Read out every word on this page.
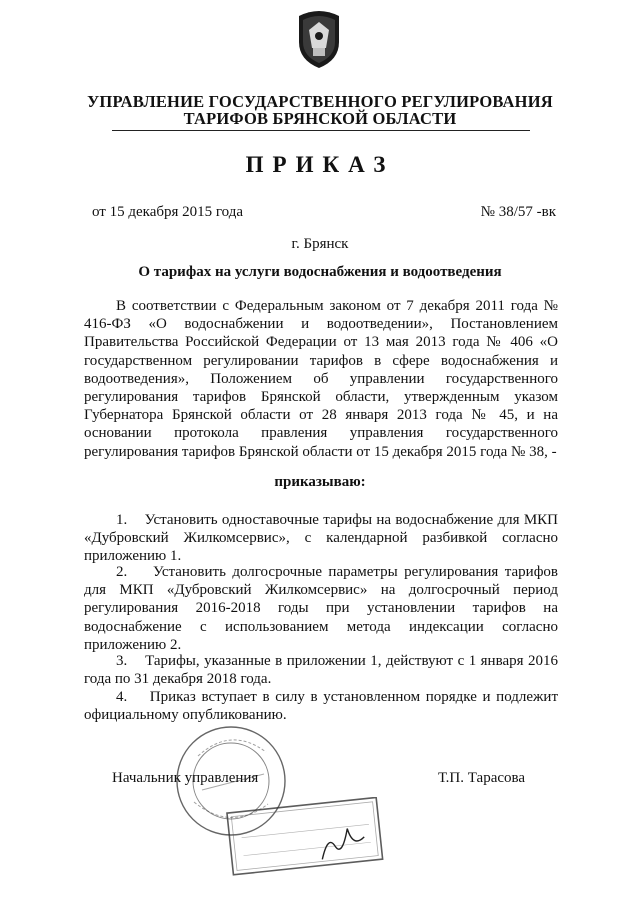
УПРАВЛЕНИЕ ГОСУДАРСТВЕННОГО РЕГУЛИРОВАНИЯ
ТАРИФОВ БРЯНСКОЙ ОБЛАСТИ
ПРИКАЗ
от 15 декабря 2015 года	№ 38/57 -вк
г. Брянск
О тарифах на услуги водоснабжения и водоотведения
В соответствии с Федеральным законом от 7 декабря 2011 года № 416-ФЗ «О водоснабжении и водоотведении», Постановлением Правительства Российской Федерации от 13 мая 2013 года № 406 «О государственном регулировании тарифов в сфере водоснабжения и водоотведения», Положением об управлении государственного регулирования тарифов Брянской области, утвержденным указом Губернатора Брянской области от 28 января 2013 года № 45, и на основании протокола правления управления государственного регулирования тарифов Брянской области от 15 декабря 2015 года № 38, -
приказываю:
1.    Установить одноставочные тарифы на водоснабжение для МКП «Дубровский Жилкомсервис», с календарной разбивкой согласно приложению 1.
2.    Установить долгосрочные параметры регулирования тарифов для МКП «Дубровский Жилкомсервис» на долгосрочный период регулирования 2016-2018 годы при установлении тарифов на водоснабжение с использованием метода индексации согласно приложению 2.
3.    Тарифы, указанные в приложении 1, действуют с 1 января 2016 года по 31 декабря 2018 года.
4.    Приказ вступает в силу в установленном порядке и подлежит официальному опубликованию.
Начальник управления	Т.П. Тарасова
